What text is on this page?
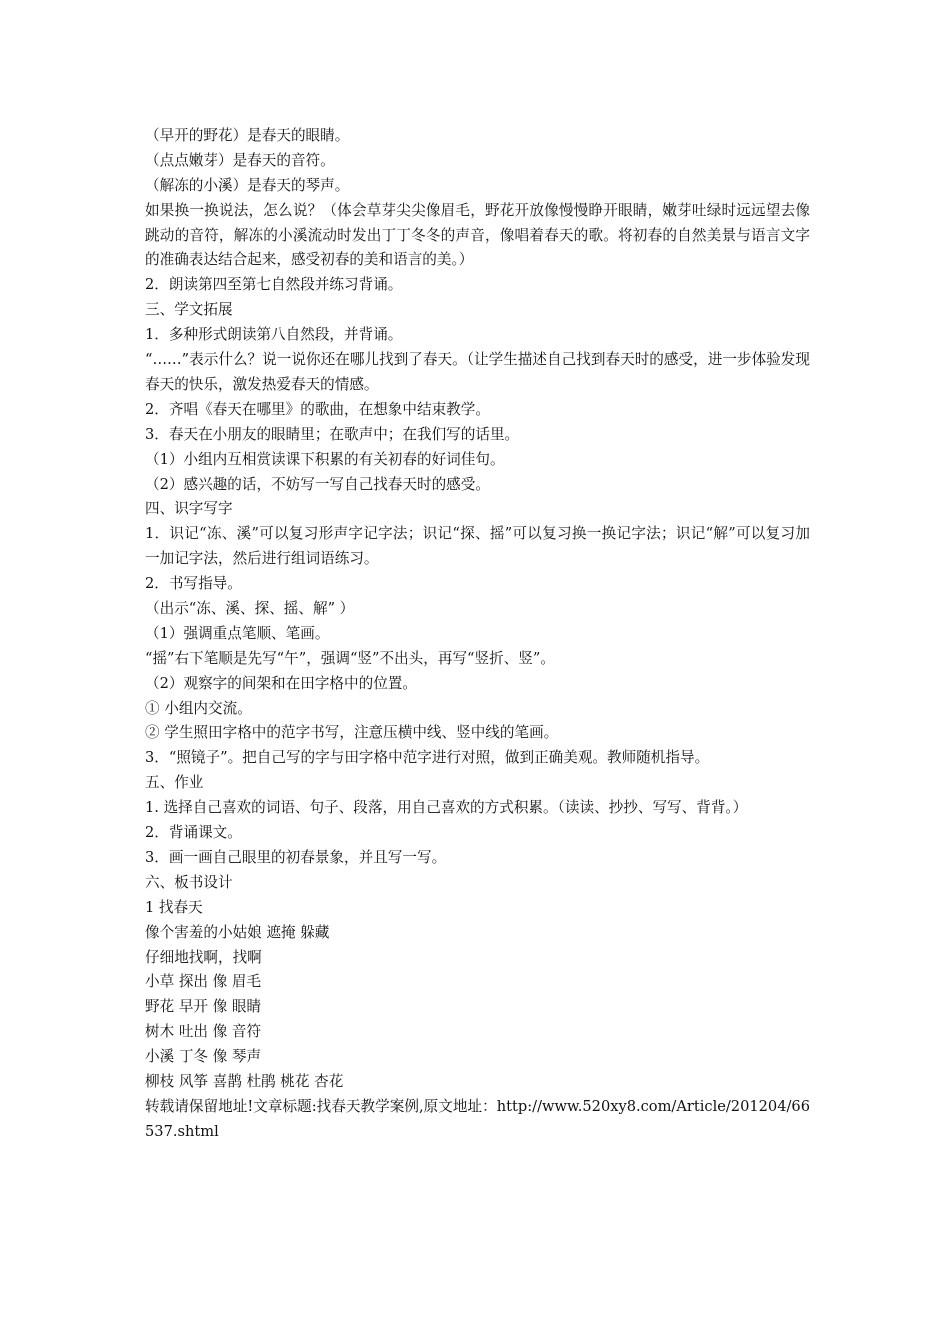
（早开的野花）是春天的眼睛。
（点点嫩芽）是春天的音符。
（解冻的小溪）是春天的琴声。
如果换一换说法，怎么说？（体会草芽尖尖像眉毛，野花开放像慢慢睁开眼睛，嫩芽吐绿时远远望去像跳动的音符，解冻的小溪流动时发出丁丁冬冬的声音，像唱着春天的歌。将初春的自然美景与语言文字的准确表达结合起来，感受初春的美和语言的美。）
2．朗读第四至第七自然段并练习背诵。
三、学文拓展
1．多种形式朗读第八自然段，并背诵。
“……”表示什么？说一说你还在哪儿找到了春天。（让学生描述自己找到春天时的感受，进一步体验发现春天的快乐，激发热爱春天的情感。
2．齐唱《春天在哪里》的歌曲，在想象中结束教学。
3．春天在小朋友的眼睛里；在歌声中；在我们写的话里。
（1）小组内互相赏读课下积累的有关初春的好词佳句。
（2）感兴趣的话，不妨写一写自己找春天时的感受。
四、识字写字
1．识记“冻、溪”可以复习形声字记字法；识记“探、摇”可以复习换一换记字法；识记“解”可以复习加一加记字法，然后进行组词语练习。
2．书写指导。
（出示“冻、溪、探、摇、解” ）
（1）强调重点笔顺、笔画。
“摇”右下笔顺是先写“午”，强调“竖”不出头，再写“竖折、竖”。
（2）观察字的间架和在田字格中的位置。
① 小组内交流。
② 学生照田字格中的范字书写，注意压横中线、竖中线的笔画。
3．“照镜子”。把自己写的字与田字格中范字进行对照，做到正确美观。教师随机指导。
五、作业
1. 选择自己喜欢的词语、句子、段落，用自己喜欢的方式积累。（读读、抄抄、写写、背背。）
2．背诵课文。
3．画一画自己眼里的初春景象，并且写一写。
六、板书设计
1 找春天
像个害羞的小姑娘 遮掩 躲藏
仔细地找啊，找啊
小草 探出 像 眉毛
野花 早开 像 眼睛
树木 吐出 像 音符
小溪 丁冬 像 琴声
柳枝 风筝 喜鹊 杜鹃 桃花 杏花
转载请保留地址!文章标题:找春天教学案例,原文地址：http://www.520xy8.com/Article/201204/66537.shtml
